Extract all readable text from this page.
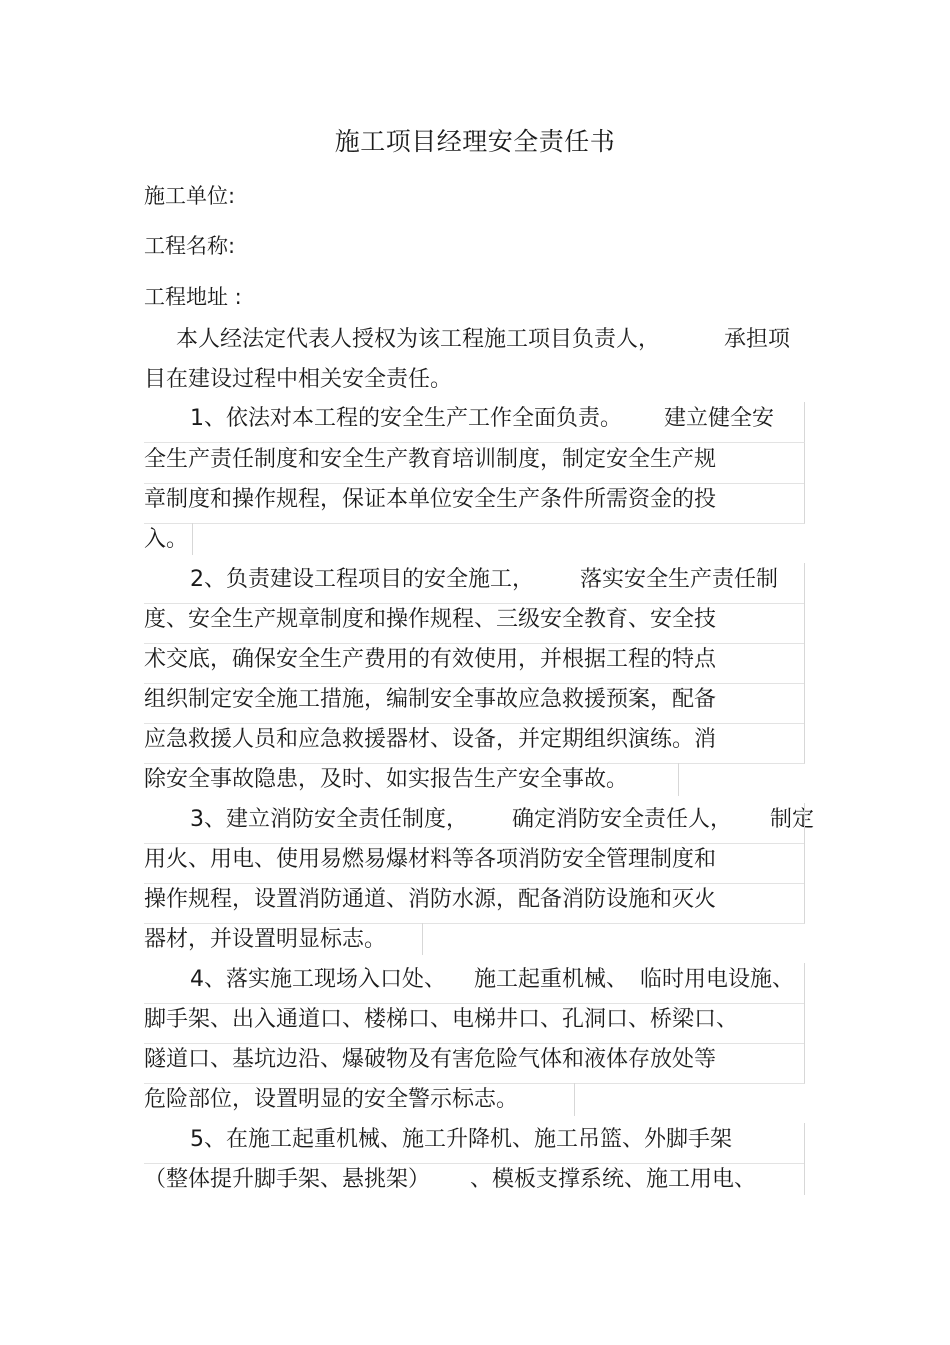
施工项目经理安全责任书
施工单位:
工程名称:
工程地址 :
本人经法定代表人授权为该工程施工项目负责人，	承担项
目在建设过程中相关安全责任。
1、依法对本工程的安全生产工作全面负责。 建立健全安
全生产责任制度和安全生产教育培训制度，制定安全生产规
章制度和操作规程，保证本单位安全生产条件所需资金的投
入。
2、负责建设工程项目的安全施工， 落实安全生产责任制
度、安全生产规章制度和操作规程、三级安全教育、安全技
术交底，确保安全生产费用的有效使用，并根据工程的特点
组织制定安全施工措施，编制安全事故应急救援预案，配备
应急救援人员和应急救援器材、设备，并定期组织演练。消
除安全事故隐患，及时、如实报告生产安全事故。
3、建立消防安全责任制度， 确定消防安全责任人， 制定
用火、用电、使用易燃易爆材料等各项消防安全管理制度和
操作规程，设置消防通道、消防水源，配备消防设施和灭火
器材，并设置明显标志。
4、落实施工现场入口处、 施工起重机械、 临时用电设施、
脚手架、出入通道口、楼梯口、电梯井口、孔洞口、桥梁口、
隧道口、基坑边沿、爆破物及有害危险气体和液体存放处等
危险部位，设置明显的安全警示标志。
5、在施工起重机械、施工升降机、施工吊篮、外脚手架
（整体提升脚手架、悬挑架） 、模板支撑系统、施工用电、
